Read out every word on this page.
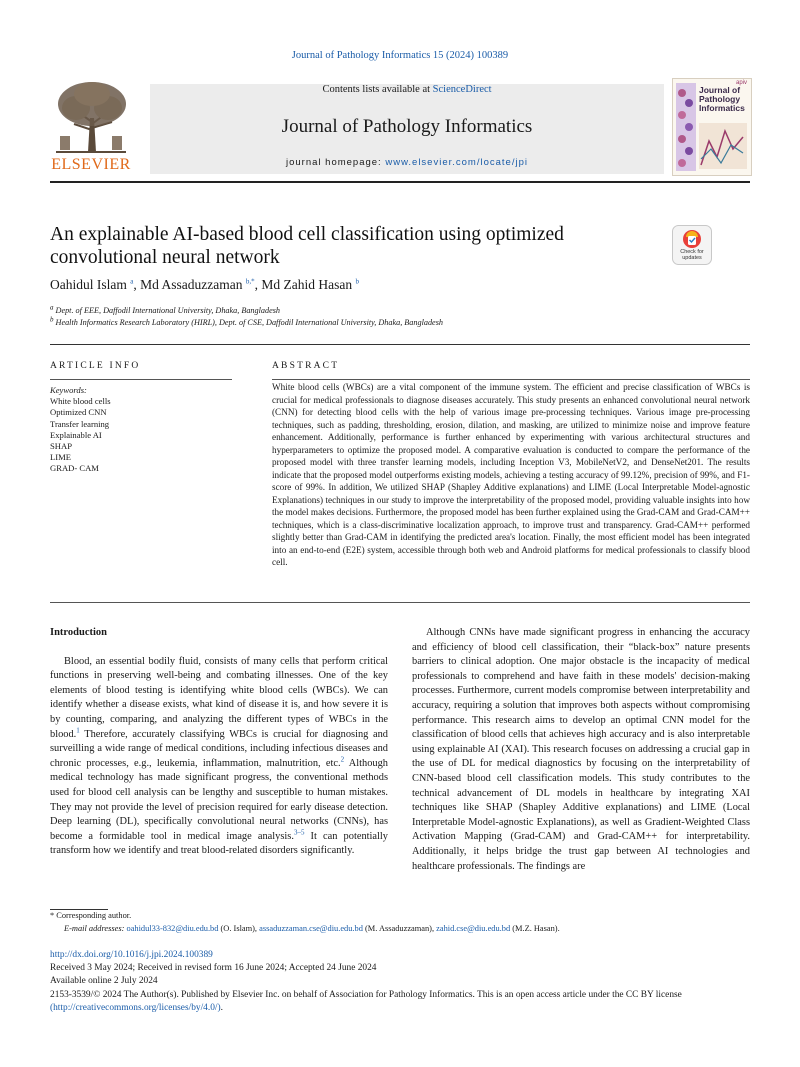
Journal of Pathology Informatics 15 (2024) 100389
ELSEVIER
Contents lists available at ScienceDirect
Journal of Pathology Informatics
journal homepage: www.elsevier.com/locate/jpi
apiv
Journal of Pathology Informatics
An explainable AI-based blood cell classification using optimized convolutional neural network	Check for updates
Oahidul Islam $^a$, Md Assaduzzaman $^{b,*}$, Md Zahid Hasan $^b$
$^a$ Dept. of EEE, Daffodil International University, Dhaka, Bangladesh
$^b$ Health Informatics Research Laboratory (HIRL), Dept. of CSE, Daffodil International University, Dhaka, Bangladesh
ARTICLE INFO	ABSTRACT
Keywords:
White blood cells
Optimized CNN
Transfer learning
Explainable AI
SHAP
LIME
GRAD- CAM
White blood cells (WBCs) are a vital component of the immune system. The efficient and precise classification of WBCs is crucial for medical professionals to diagnose diseases accurately. This study presents an enhanced convolutional neural network (CNN) for detecting blood cells with the help of various image pre-processing techniques. Various image pre-processing techniques, such as padding, thresholding, erosion, dilation, and masking, are utilized to minimize noise and improve feature enhancement. Additionally, performance is further enhanced by experimenting with various architectural structures and hyperparameters to optimize the proposed model. A comparative evaluation is conducted to compare the performance of the proposed model with three transfer learning models, including Inception V3, MobileNetV2, and DenseNet201. The results indicate that the proposed model outperforms existing models, achieving a testing accuracy of 99.12%, precision of 99%, and F1-score of 99%. In addition, We utilized SHAP (Shapley Additive explanations) and LIME (Local Interpretable Model-agnostic Explanations) techniques in our study to improve the interpretability of the proposed model, providing valuable insights into how the model makes decisions. Furthermore, the proposed model has been further explained using the Grad-CAM and Grad-CAM++ techniques, which is a class-discriminative localization approach, to improve trust and transparency. Grad-CAM++ performed slightly better than Grad-CAM in identifying the predicted area's location. Finally, the most efficient model has been integrated into an end-to-end (E2E) system, accessible through both web and Android platforms for medical professionals to classify blood cell.
Introduction

Blood, an essential bodily fluid, consists of many cells that perform critical functions in preserving well-being and combating illnesses. One of the key elements of blood testing is identifying white blood cells (WBCs). We can identify whether a disease exists, what kind of disease it is, and how severe it is by counting, comparing, and analyzing the different types of WBCs in the blood.$^1$ Therefore, accurately classifying WBCs is crucial for diagnosing and surveilling a wide range of medical conditions, including infectious diseases and chronic processes, e.g., leukemia, inflammation, malnutrition, etc.$^2$ Although medical technology has made significant progress, the conventional methods used for blood cell analysis can be lengthy and susceptible to human mistakes. They may not provide the level of precision required for early disease detection. Deep learning (DL), specifically convolutional neural networks (CNNs), has become a formidable tool in medical image analysis.$^{3-5}$ It can potentially transform how we identify and treat blood-related disorders significantly.

Although CNNs have made significant progress in enhancing the accuracy and efficiency of blood cell classification, their “black-box” nature presents barriers to clinical adoption. One major obstacle is the incapacity of medical professionals to comprehend and have faith in these models' decision-making processes. Furthermore, current models compromise between interpretability and accuracy, requiring a solution that improves both aspects without compromising performance. This research aims to develop an optimal CNN model for the classification of blood cells that achieves high accuracy and is also interpretable using explainable AI (XAI). This research focuses on addressing a crucial gap in the use of DL for medical diagnostics by focusing on the interpretability of CNN-based blood cell classification models. This study contributes to the technical advancement of DL models in healthcare by integrating XAI techniques like SHAP (Shapley Additive explanations) and LIME (Local Interpretable Model-agnostic Explanations), as well as Gradient-Weighted Class Activation Mapping (Grad-CAM) and Grad-CAM++ for interpretability. Additionally, it helps bridge the trust gap between AI technologies and healthcare professionals. The findings are

* Corresponding author.
E-mail addresses: oahidul33-832@diu.edu.bd (O. Islam), assaduzzaman.cse@diu.edu.bd (M. Assaduzzaman), zahid.cse@diu.edu.bd (M.Z. Hasan).
http://dx.doi.org/10.1016/j.jpi.2024.100389
Received 3 May 2024; Received in revised form 16 June 2024; Accepted 24 June 2024
Available online 2 July 2024
2153-3539/© 2024 The Author(s). Published by Elsevier Inc. on behalf of Association for Pathology Informatics. This is an open access article under the CC BY license
(http://creativecommons.org/licenses/by/4.0/).
